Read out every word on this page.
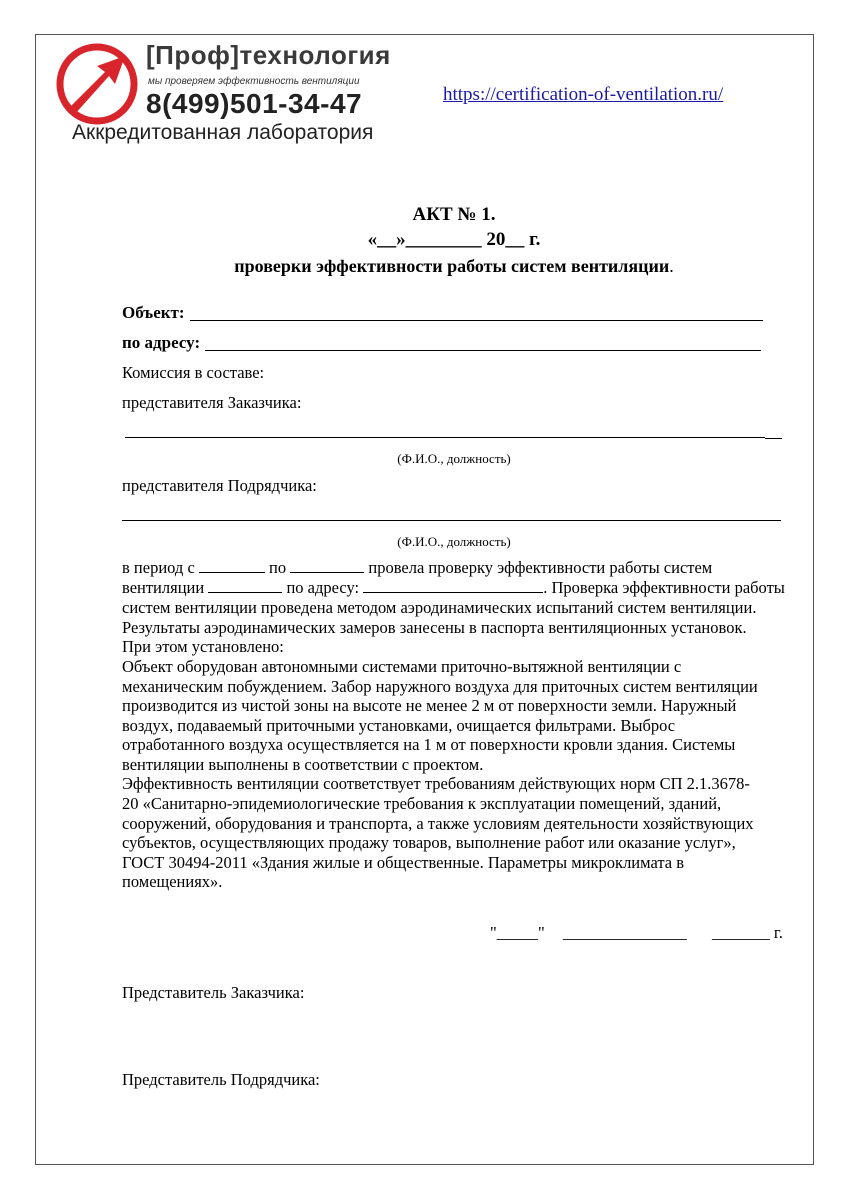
[Проф]технология
мы проверяем эффективность вентиляции
8(499)501-34-47
Аккредитованная лаборатория
https://certification-of-ventilation.ru/
АКТ № 1.
«__»________ 20__ г.
проверки эффективности работы систем вентиляции.
Объект:
по адресу:
Комиссия в составе:
представителя Заказчика:
(Ф.И.О., должность)
представителя Подрядчика:
(Ф.И.О., должность)
в период с	по	провела проверку эффективности работы систем
вентиляции	по адресу:	. Проверка эффективности работы
систем вентиляции проведена методом аэродинамических испытаний систем вентиляции.
Результаты аэродинамических замеров занесены в паспорта вентиляционных установок.
При этом установлено:
Объект оборудован автономными системами приточно-вытяжной вентиляции с
механическим побуждением. Забор наружного воздуха для приточных систем вентиляции
производится из чистой зоны на высоте не менее 2 м от поверхности земли. Наружный
воздух, подаваемый приточными установками, очищается фильтрами. Выброс
отработанного воздуха осуществляется на 1 м от поверхности кровли здания. Системы
вентиляции выполнены в соответствии с проектом.
Эффективность вентиляции соответствует требованиям действующих норм СП 2.1.3678-
20 «Санитарно-эпидемиологические требования к эксплуатации помещений, зданий,
сооружений, оборудования и транспорта, а также условиям деятельности хозяйствующих
субъектов, осуществляющих продажу товаров, выполнение работ или оказание услуг»,
ГОСТ 30494-2011 «Здания жилые и общественные. Параметры микроклимата в
помещениях».
"_____" _______________ _______ г.
Представитель Заказчика:
Представитель Подрядчика:
